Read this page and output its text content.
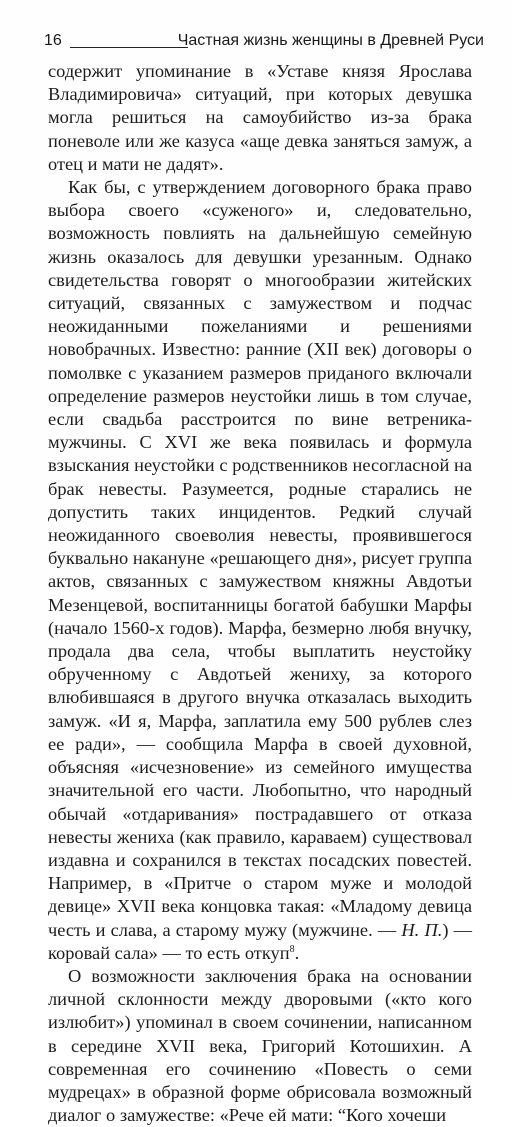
16	Частная жизнь женщины в Древней Руси

содержит упоминание в «Уставе князя Ярослава Владимировича» ситуаций, при которых девушка могла решиться на самоубийство из-за брака поневоле или же казуса «аще девка заняться замуж, а отец и мати не дадят».

Как бы, с утверждением договорного брака право выбора своего «суженого» и, следовательно, возможность повлиять на дальнейшую семейную жизнь оказалось для девушки урезанным. Однако свидетельства говорят о многообразии житейских ситуаций, связанных с замужеством и подчас неожиданными пожеланиями и решениями новобрачных. Известно: ранние (XII век) договоры о помолвке с указанием размеров приданого включали определение размеров неустойки лишь в том случае, если свадьба расстроится по вине ветреника-мужчины. С XVI же века появилась и формула взыскания неустойки с родственников несогласной на брак невесты. Разумеется, родные старались не допустить таких инцидентов. Редкий случай неожиданного своеволия невесты, проявившегося буквально накануне «решающего дня», рисует группа актов, связанных с замужеством княжны Авдотьи Мезенцевой, воспитанницы богатой бабушки Марфы (начало 1560-х годов). Марфа, безмерно любя внучку, продала два села, чтобы выплатить неустойку обрученному с Авдотьей жениху, за которого влюбившаяся в другого внучка отказалась выходить замуж. «И я, Марфа, заплатила ему 500 рублев слез ее ради», — сообщила Марфа в своей духовной, объясняя «исчезновение» из семейного имущества значительной его части. Любопытно, что народный обычай «отдаривания» пострадавшего от отказа невесты жениха (как правило, караваем) существовал издавна и сохранился в текстах посадских повестей. Например, в «Притче о старом муже и молодой девице» XVII века концовка такая: «Младому девица честь и слава, а старому мужу (мужчине. — Н. П.) — коровай сала» — то есть откуп$^8$.

О возможности заключения брака на основании личной склонности между дворовыми («кто кого излюбит») упоминал в своем сочинении, написанном в середине XVII века, Григорий Котошихин. А современная его сочинению «Повесть о семи мудрецах» в образной форме обрисовала возможный диалог о замужестве: «Рече ей мати: “Кого хочеши
